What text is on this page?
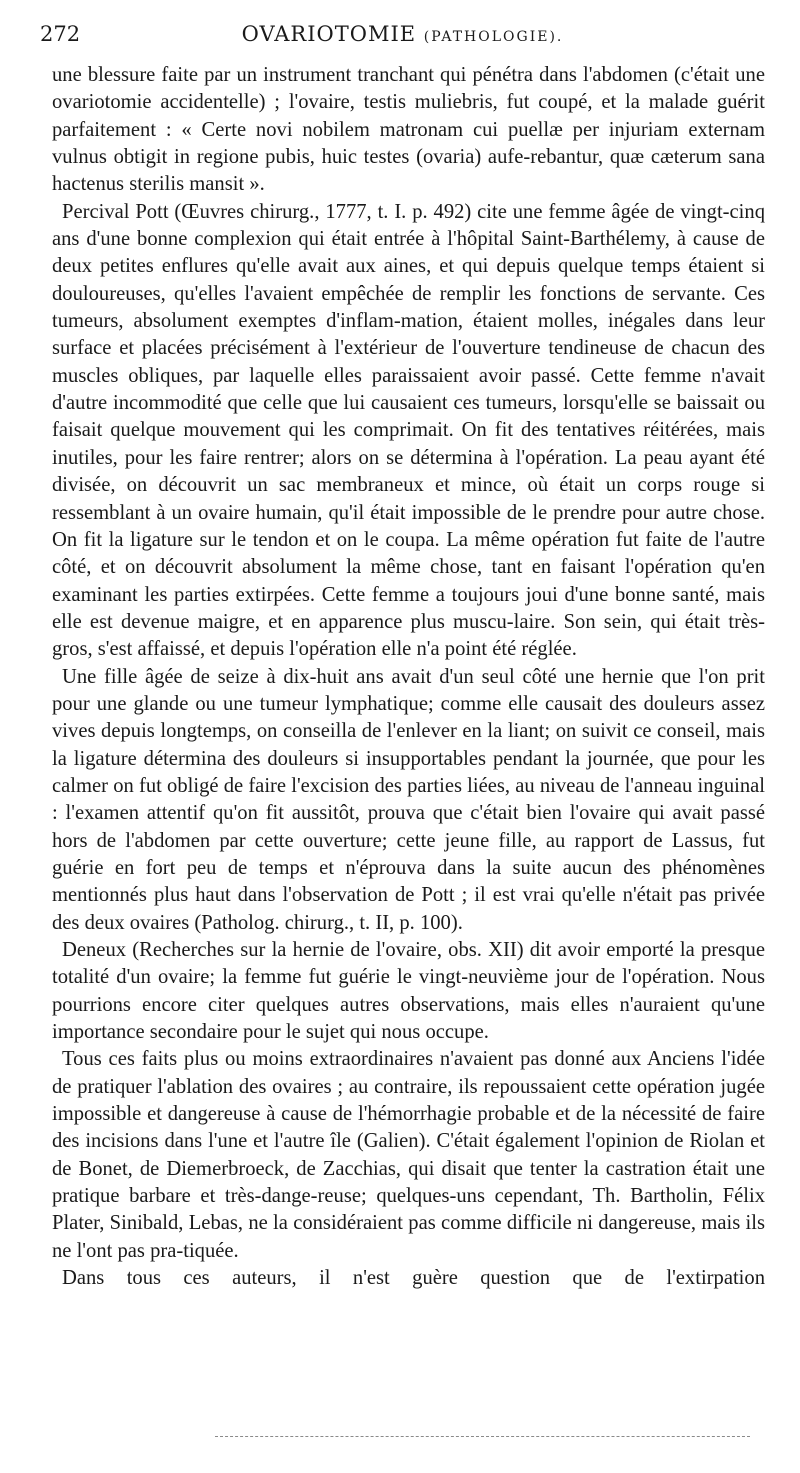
272	OVARIOTOMIE (PATHOLOGIE).

une blessure faite par un instrument tranchant qui pénétra dans l'abdomen (c'était une ovariotomie accidentelle) ; l'ovaire, testis muliebris, fut coupé, et la malade guérit parfaitement : « Certe novi nobilem matronam cui puellæ per injuriam externam vulnus obtigit in regione pubis, huic testes (ovaria) aufe-rebantur, quæ cæterum sana hactenus sterilis mansit ».

Percival Pott (Œuvres chirurg., 1777, t. I. p. 492) cite une femme âgée de vingt-cinq ans d'une bonne complexion qui était entrée à l'hôpital Saint-Barthélemy, à cause de deux petites enflures qu'elle avait aux aines, et qui depuis quelque temps étaient si douloureuses, qu'elles l'avaient empêchée de remplir les fonctions de servante. Ces tumeurs, absolument exemptes d'inflam-mation, étaient molles, inégales dans leur surface et placées précisément à l'extérieur de l'ouverture tendineuse de chacun des muscles obliques, par laquelle elles paraissaient avoir passé. Cette femme n'avait d'autre incommodité que celle que lui causaient ces tumeurs, lorsqu'elle se baissait ou faisait quelque mouvement qui les comprimait. On fit des tentatives réitérées, mais inutiles, pour les faire rentrer; alors on se détermina à l'opération. La peau ayant été divisée, on découvrit un sac membraneux et mince, où était un corps rouge si ressemblant à un ovaire humain, qu'il était impossible de le prendre pour autre chose. On fit la ligature sur le tendon et on le coupa. La même opération fut faite de l'autre côté, et on découvrit absolument la même chose, tant en faisant l'opération qu'en examinant les parties extirpées. Cette femme a toujours joui d'une bonne santé, mais elle est devenue maigre, et en apparence plus muscu-laire. Son sein, qui était très-gros, s'est affaissé, et depuis l'opération elle n'a point été réglée.

Une fille âgée de seize à dix-huit ans avait d'un seul côté une hernie que l'on prit pour une glande ou une tumeur lymphatique; comme elle causait des douleurs assez vives depuis longtemps, on conseilla de l'enlever en la liant; on suivit ce conseil, mais la ligature détermina des douleurs si insupportables pendant la journée, que pour les calmer on fut obligé de faire l'excision des parties liées, au niveau de l'anneau inguinal : l'examen attentif qu'on fit aussitôt, prouva que c'était bien l'ovaire qui avait passé hors de l'abdomen par cette ouverture; cette jeune fille, au rapport de Lassus, fut guérie en fort peu de temps et n'éprouva dans la suite aucun des phénomènes mentionnés plus haut dans l'observation de Pott ; il est vrai qu'elle n'était pas privée des deux ovaires (Patholog. chirurg., t. II, p. 100).

Deneux (Recherches sur la hernie de l'ovaire, obs. XII) dit avoir emporté la presque totalité d'un ovaire; la femme fut guérie le vingt-neuvième jour de l'opération. Nous pourrions encore citer quelques autres observations, mais elles n'auraient qu'une importance secondaire pour le sujet qui nous occupe.

Tous ces faits plus ou moins extraordinaires n'avaient pas donné aux Anciens l'idée de pratiquer l'ablation des ovaires ; au contraire, ils repoussaient cette opération jugée impossible et dangereuse à cause de l'hémorrhagie probable et de la nécessité de faire des incisions dans l'une et l'autre île (Galien). C'était également l'opinion de Riolan et de Bonet, de Diemerbroeck, de Zacchias, qui disait que tenter la castration était une pratique barbare et très-dange-reuse; quelques-uns cependant, Th. Bartholin, Félix Plater, Sinibald, Lebas, ne la considéraient pas comme difficile ni dangereuse, mais ils ne l'ont pas pra-tiquée.

Dans tous ces auteurs, il n'est guère question que de l'extirpation
